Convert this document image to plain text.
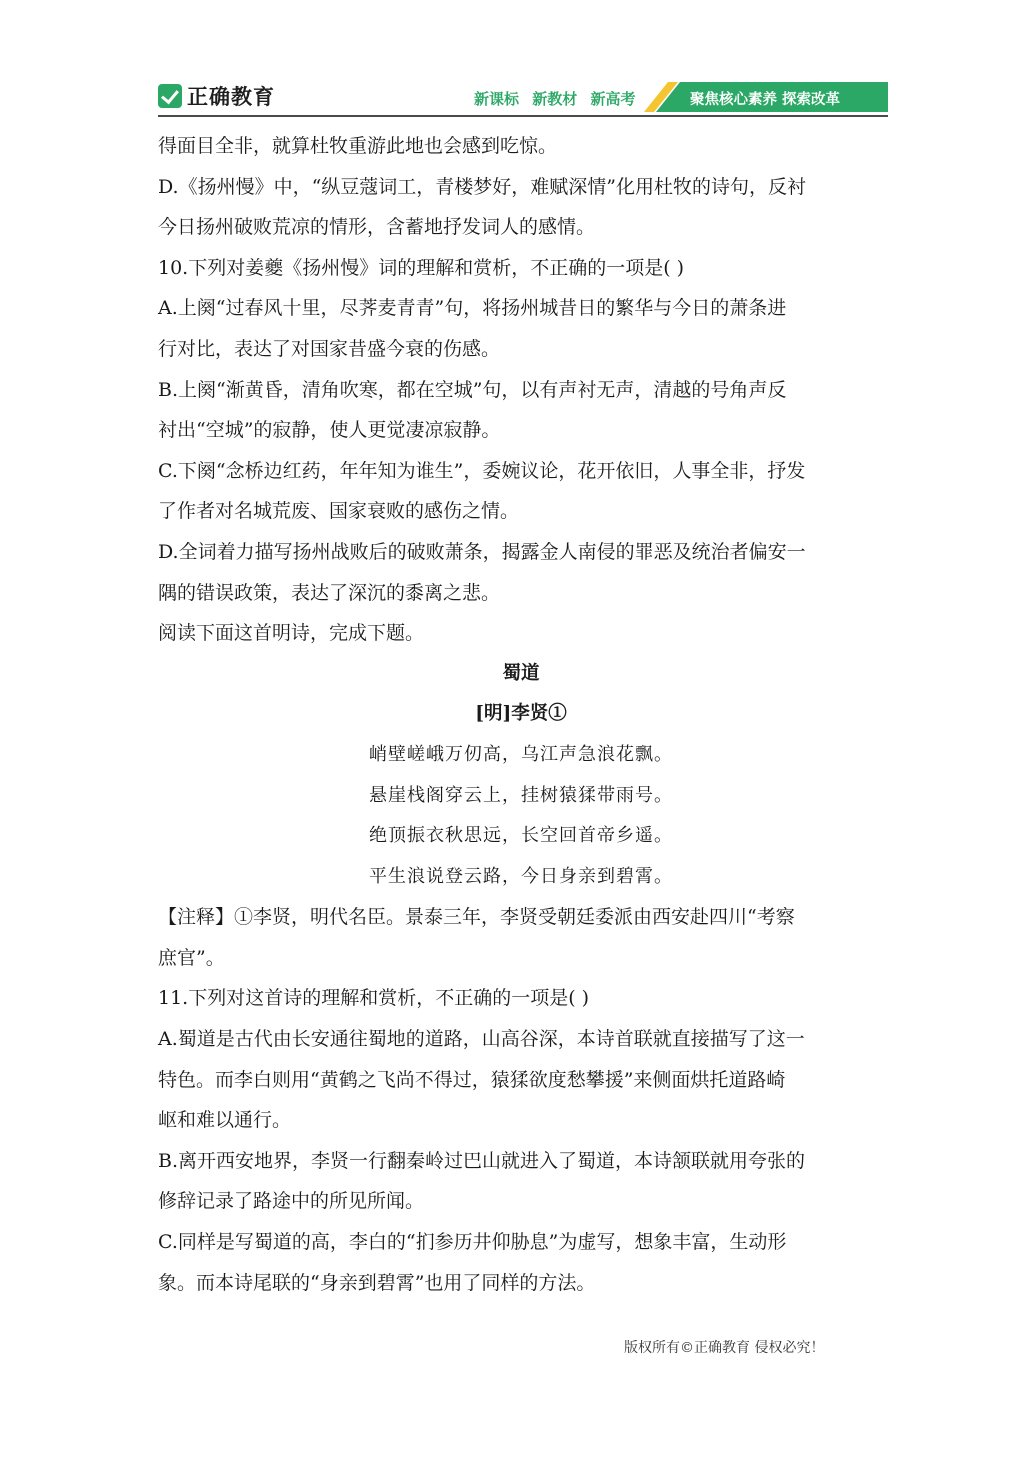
正确教育	新课标 新教材 新高考	聚焦核心素养 探索改革

得面目全非，就算杜牧重游此地也会感到吃惊。

D.《扬州慢》中，“纵豆蔻词工，青楼梦好，难赋深情”化用杜牧的诗句，反衬

今日扬州破败荒凉的情形，含蓄地抒发词人的感情。

10.下列对姜夔《扬州慢》词的理解和赏析，不正确的一项是( )

A.上阕“过春风十里，尽荠麦青青”句，将扬州城昔日的繁华与今日的萧条进

行对比，表达了对国家昔盛今衰的伤感。

B.上阕“渐黄昏，清角吹寒，都在空城”句，以有声衬无声，清越的号角声反

衬出“空城”的寂静，使人更觉凄凉寂静。

C.下阕“念桥边红药，年年知为谁生”，委婉议论，花开依旧，人事全非，抒发

了作者对名城荒废、国家衰败的感伤之情。

D.全词着力描写扬州战败后的破败萧条，揭露金人南侵的罪恶及统治者偏安一

隅的错误政策，表达了深沉的黍离之悲。

阅读下面这首明诗，完成下题。

蜀道

[明]李贤①

峭壁嵯峨万仞高，乌江声急浪花飘。

悬崖栈阁穿云上，挂树猿猱带雨号。

绝顶振衣秋思远，长空回首帝乡遥。

平生浪说登云路，今日身亲到碧霄。

【注释】①李贤，明代名臣。景泰三年，李贤受朝廷委派由西安赴四川“考察

庶官”。

11.下列对这首诗的理解和赏析，不正确的一项是( )

A.蜀道是古代由长安通往蜀地的道路，山高谷深，本诗首联就直接描写了这一

特色。而李白则用“黄鹤之飞尚不得过，猿猱欲度愁攀援”来侧面烘托道路崎

岖和难以通行。

B.离开西安地界，李贤一行翻秦岭过巴山就进入了蜀道，本诗颔联就用夸张的

修辞记录了路途中的所见所闻。

C.同样是写蜀道的高，李白的“扪参历井仰胁息”为虚写，想象丰富，生动形

象。而本诗尾联的“身亲到碧霄”也用了同样的方法。

版权所有©正确教育 侵权必究！
